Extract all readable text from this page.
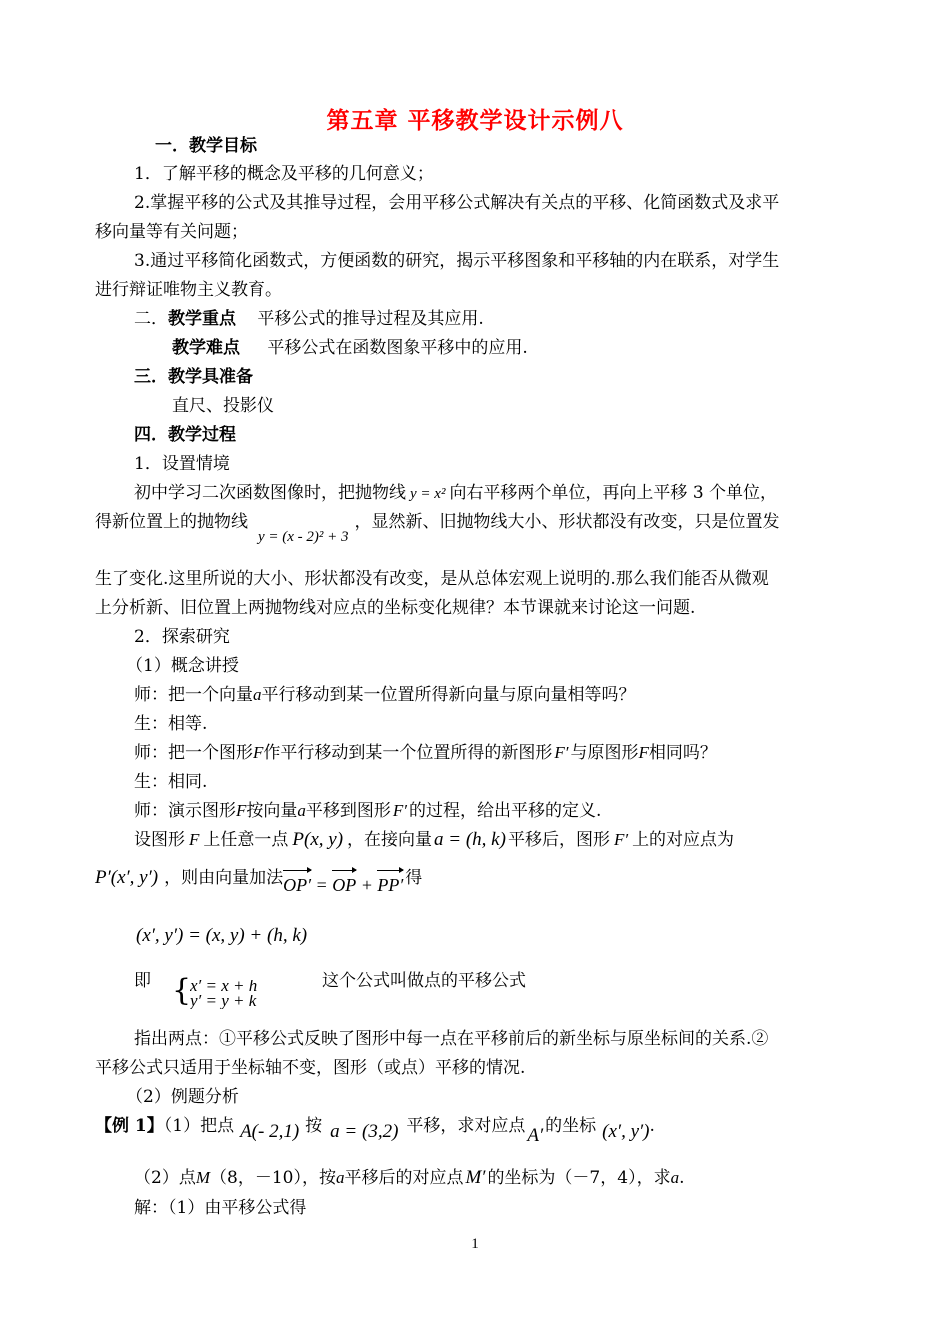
第五章 平移教学设计示例八
一．教学目标
1．了解平移的概念及平移的几何意义；
2.掌握平移的公式及其推导过程，会用平移公式解决有关点的平移、化简函数式及求平
移向量等有关问题；
3.通过平移简化函数式，方便函数的研究，揭示平移图象和平移轴的内在联系，对学生
进行辩证唯物主义教育。
二．教学重点 平移公式的推导过程及其应用.
教学难点 平移公式在函数图象平移中的应用.
三．教学具准备
直尺、投影仪
四．教学过程
1．设置情境
初中学习二次函数图像时，把抛物线 y = x² 向右平移两个单位，再向上平移 3 个单位，
得新位置上的抛物线y = (x - 2)² + 3，显然新、旧抛物线大小、形状都没有改变，只是位置发
生了变化.这里所说的大小、形状都没有改变，是从总体宏观上说明的.那么我们能否从微观
上分析新、旧位置上两抛物线对应点的坐标变化规律？本节课就来讨论这一问题.
2．探索研究
（1）概念讲授
师：把一个向量a平行移动到某一位置所得新向量与原向量相等吗？
生：相等.
师：把一个图形F作平行移动到某一个位置所得的新图形 F′ 与原图形F相同吗？
生：相同.
师：演示图形F按向量a平移到图形 F′ 的过程，给出平移的定义.
设图形 F 上任意一点 P(x, y) ，在接向量 a = (h, k) 平移后，图形 F′ 上的对应点为
P′(x′, y′) ，则由向量加法OP′ = OP + PP′ 得
(x′, y′) = (x, y) + (h, k)
即 {
x′ = x + h
y′ = y + k
这个公式叫做点的平移公式
指出两点：①平移公式反映了图形中每一点在平移前后的新坐标与原坐标间的关系.②
平移公式只适用于坐标轴不变，图形（或点）平移的情况.
（2）例题分析
【例 1】（1）把点 A(- 2,1) 按 a = (3,2) 平移，求对应点 A′ 的坐标 (x′, y′).
（2）点M（8，－10），按a平移后的对应点 M′ 的坐标为（－7，4），求a.
解：（1）由平移公式得
1
